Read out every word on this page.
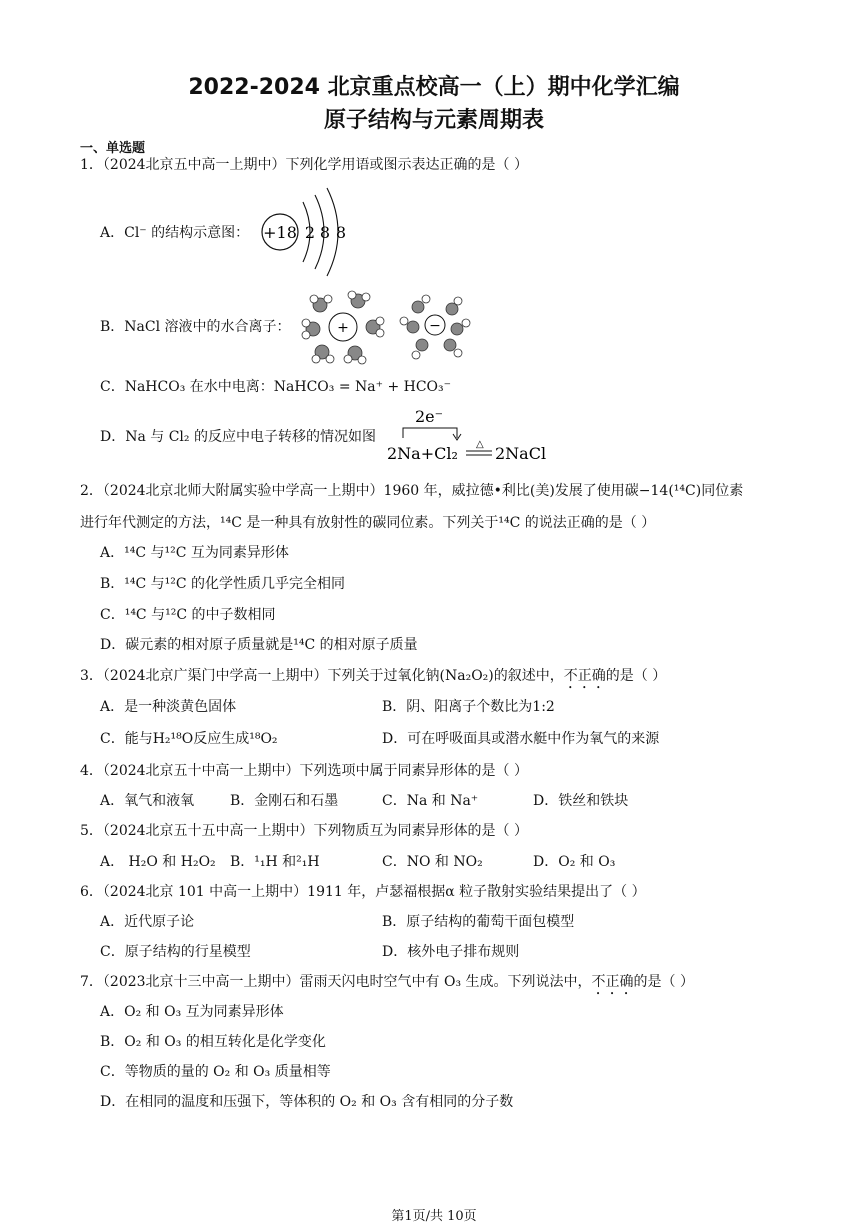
2022-2024 北京重点校高一（上）期中化学汇编
原子结构与元素周期表
一、单选题
1．（2024北京五中高一上期中）下列化学用语或图示表达正确的是（ ）
A．Cl⁻ 的结构示意图： +18 2 8 8
B．NaCl 溶液中的水合离子：	+	−
C．NaHCO₃ 在水中电离：NaHCO₃ = Na⁺ + HCO₃⁻
D．Na 与 Cl₂ 的反应中电子转移的情况如图
2e⁻
2Na+Cl₂ △ 2NaCl
2．（2024北京北师大附属实验中学高一上期中）1960 年，威拉德•利比(美)发展了使用碳−14(¹⁴C)同位素
进行年代测定的方法，¹⁴C 是一种具有放射性的碳同位素。下列关于¹⁴C 的说法正确的是（ ）
A．¹⁴C 与¹²C 互为同素异形体
B．¹⁴C 与¹²C 的化学性质几乎完全相同
C．¹⁴C 与¹²C 的中子数相同
D．碳元素的相对原子质量就是¹⁴C 的相对原子质量
3．（2024北京广渠门中学高一上期中）下列关于过氧化钠(Na₂O₂)的叙述中，不正确的是（ ）
A．是一种淡黄色固体	B．阴、阳离子个数比为1:2
C．能与H₂¹⁸O反应生成¹⁸O₂	D．可在呼吸面具或潜水艇中作为氧气的来源
4．（2024北京五十中高一上期中）下列选项中属于同素异形体的是（ ）
A．氧气和液氧	B．金刚石和石墨	C．Na 和 Na⁺	D．铁丝和铁块
5．（2024北京五十五中高一上期中）下列物质互为同素异形体的是（ ）
A． H₂O 和 H₂O₂ B．¹₁H 和²₁H	C．NO 和 NO₂	D．O₂ 和 O₃
6．（2024北京 101 中高一上期中）1911 年，卢瑟福根据α 粒子散射实验结果提出了（ ）
A．近代原子论	B．原子结构的葡萄干面包模型
C．原子结构的行星模型	D．核外电子排布规则
7．（2023北京十三中高一上期中）雷雨天闪电时空气中有 O₃ 生成。下列说法中，不正确的是（ ）
A．O₂ 和 O₃ 互为同素异形体
B．O₂ 和 O₃ 的相互转化是化学变化
C．等物质的量的 O₂ 和 O₃ 质量相等
D．在相同的温度和压强下，等体积的 O₂ 和 O₃ 含有相同的分子数
第1页/共 10页
